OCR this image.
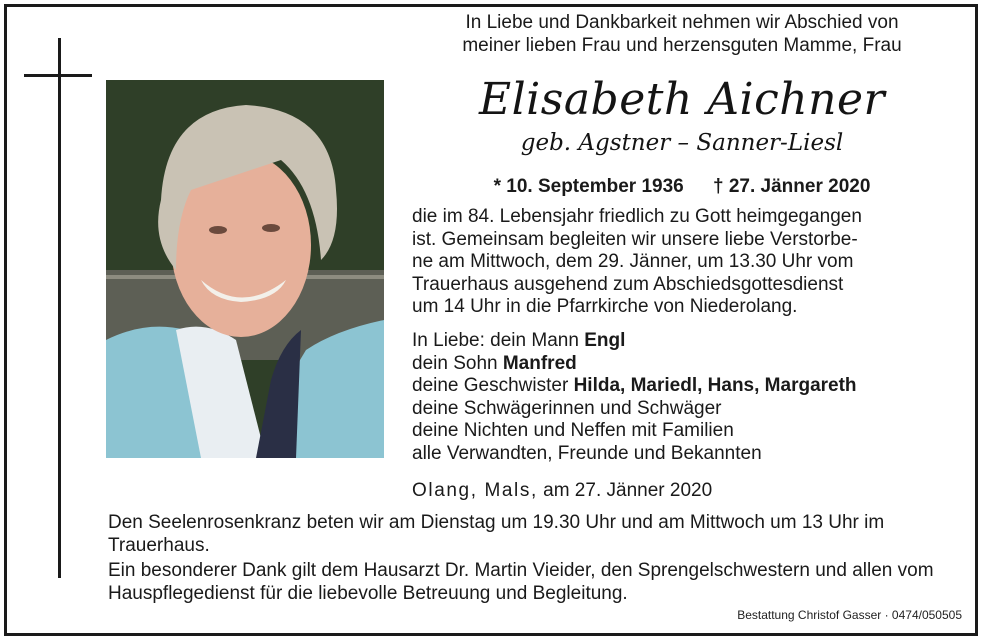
In Liebe und Dankbarkeit nehmen wir Abschied von
meiner lieben Frau und herzensguten Mamme, Frau
Elisabeth Aichner
geb. Agstner – Sanner-Liesl
* 10. September 1936 † 27. Jänner 2020
die im 84. Lebensjahr friedlich zu Gott heimgegangen
ist. Gemeinsam begleiten wir unsere liebe Verstorbe-
ne am Mittwoch, dem 29. Jänner, um 13.30 Uhr vom
Trauerhaus ausgehend zum Abschiedsgottesdienst
um 14 Uhr in die Pfarrkirche von Niederolang.
In Liebe: dein Mann Engl
dein Sohn Manfred
deine Geschwister Hilda, Mariedl, Hans, Margareth
deine Schwägerinnen und Schwäger
deine Nichten und Neffen mit Familien
alle Verwandten, Freunde und Bekannten
Olang, Mals, am 27. Jänner 2020
Den Seelenrosenkranz beten wir am Dienstag um 19.30 Uhr und am Mittwoch um 13 Uhr im Trauerhaus.
Ein besonderer Dank gilt dem Hausarzt Dr. Martin Vieider, den Sprengelschwestern und allen vom Hauspflegedienst für die liebevolle Betreuung und Begleitung.
Bestattung Christof Gasser · 0474/050505
